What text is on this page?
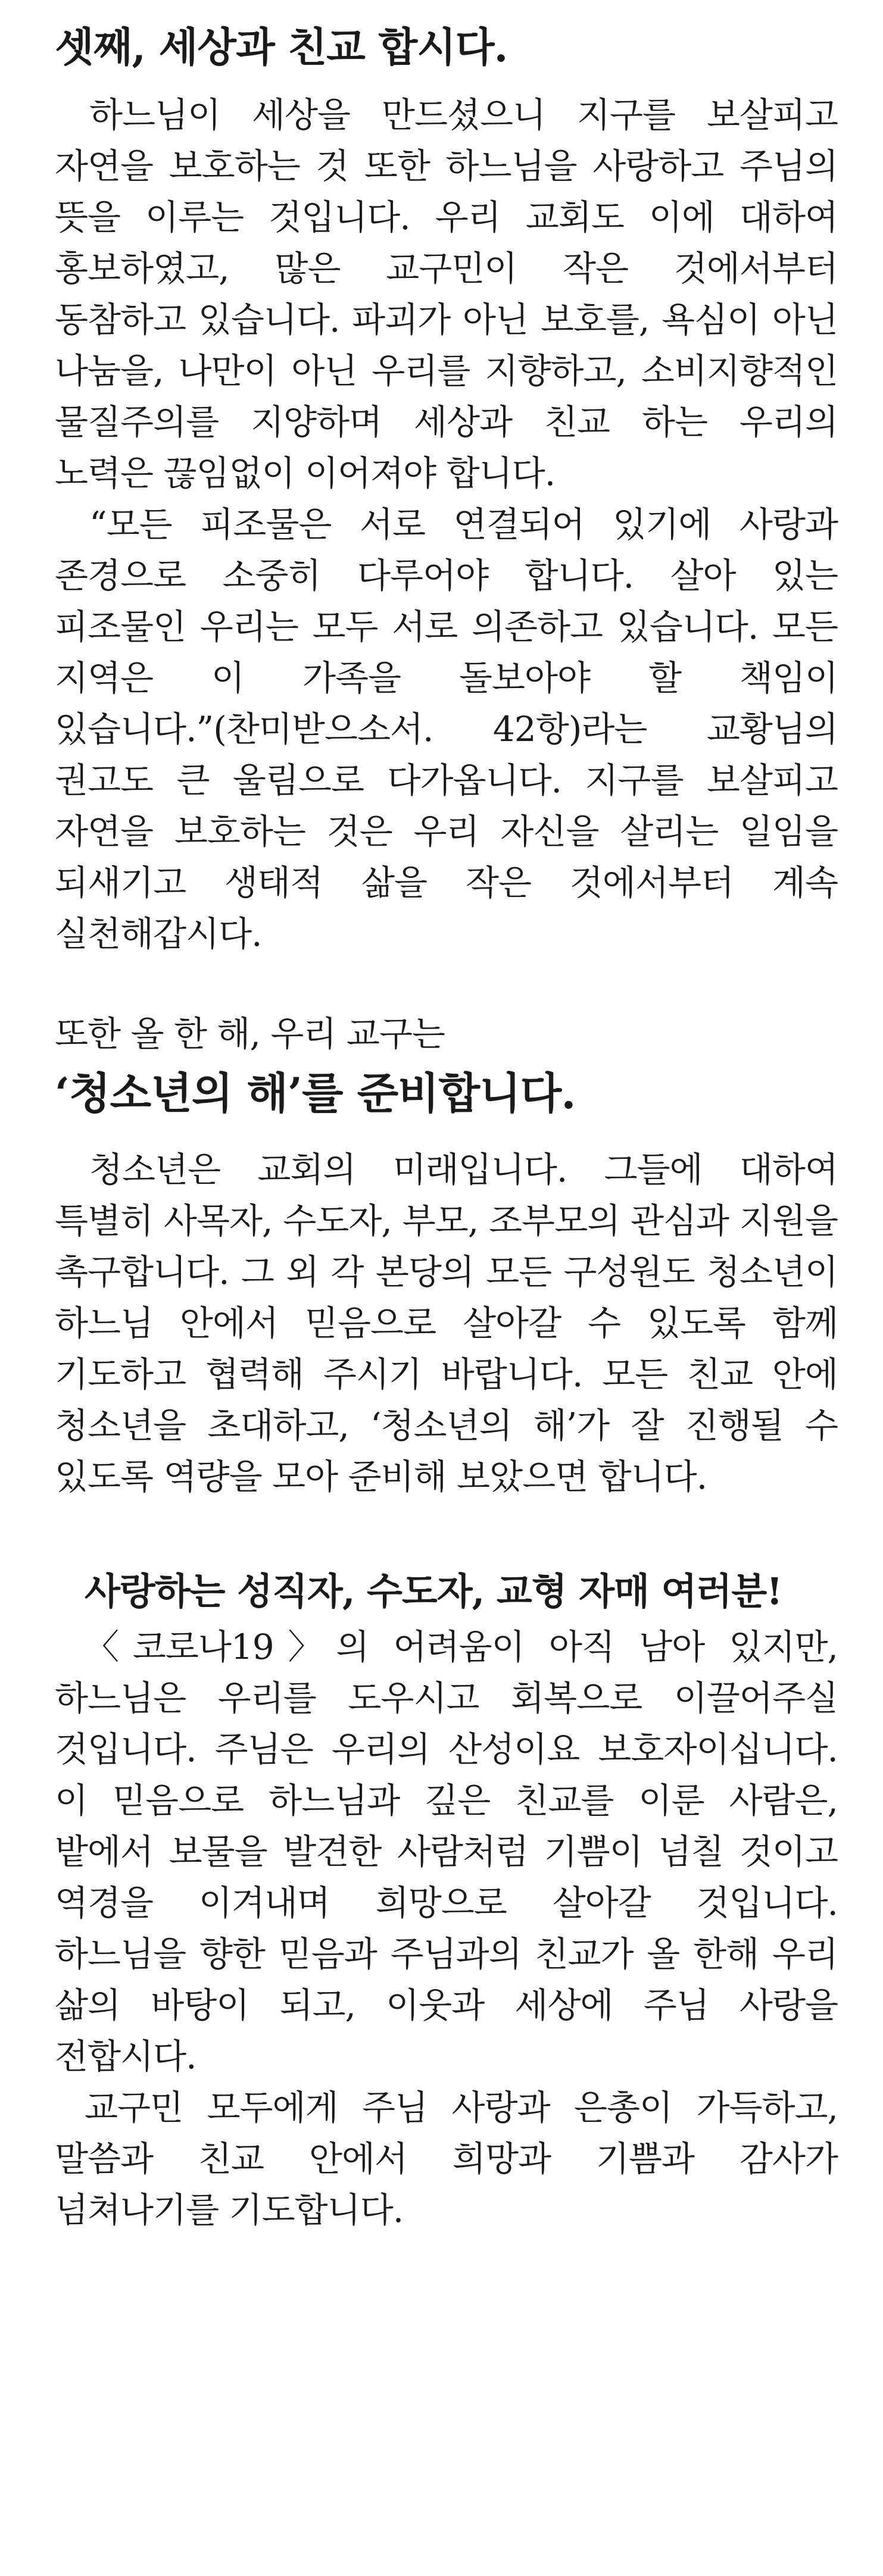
셋째, 세상과 친교 합시다.

하느님이 세상을 만드셨으니 지구를 보살피고 자연을 보호하는 것 또한 하느님을 사랑하고 주님의 뜻을 이루는 것입니다. 우리 교회도 이에 대하여 홍보하였고, 많은 교구민이 작은 것에서부터 동참하고 있습니다. 파괴가 아닌 보호를, 욕심이 아닌 나눔을, 나만이 아닌 우리를 지향하고, 소비지향적인 물질주의를 지양하며 세상과 친교 하는 우리의 노력은 끊임없이 이어져야 합니다.

“모든 피조물은 서로 연결되어 있기에 사랑과 존경으로 소중히 다루어야 합니다. 살아 있는 피조물인 우리는 모두 서로 의존하고 있습니다. 모든 지역은 이 가족을 돌보아야 할 책임이 있습니다.”(찬미받으소서. 42항)라는 교황님의 권고도 큰 울림으로 다가옵니다. 지구를 보살피고 자연을 보호하는 것은 우리 자신을 살리는 일임을 되새기고 생태적 삶을 작은 것에서부터 계속 실천해갑시다.

또한 올 한 해, 우리 교구는

‘청소년의 해’를 준비합니다.

청소년은 교회의 미래입니다. 그들에 대하여 특별히 사목자, 수도자, 부모, 조부모의 관심과 지원을 촉구합니다. 그 외 각 본당의 모든 구성원도 청소년이 하느님 안에서 믿음으로 살아갈 수 있도록 함께 기도하고 협력해 주시기 바랍니다. 모든 친교 안에 청소년을 초대하고, ‘청소년의 해’가 잘 진행될 수 있도록 역량을 모아 준비해 보았으면 합니다.

사랑하는 성직자, 수도자, 교형 자매 여러분!

〈코로나19〉의 어려움이 아직 남아 있지만, 하느님은 우리를 도우시고 회복으로 이끌어주실 것입니다. 주님은 우리의 산성이요 보호자이십니다. 이 믿음으로 하느님과 깊은 친교를 이룬 사람은, 밭에서 보물을 발견한 사람처럼 기쁨이 넘칠 것이고 역경을 이겨내며 희망으로 살아갈 것입니다. 하느님을 향한 믿음과 주님과의 친교가 올 한해 우리 삶의 바탕이 되고, 이웃과 세상에 주님 사랑을 전합시다.

교구민 모두에게 주님 사랑과 은총이 가득하고, 말씀과 친교 안에서 희망과 기쁨과 감사가 넘쳐나기를 기도합니다.
